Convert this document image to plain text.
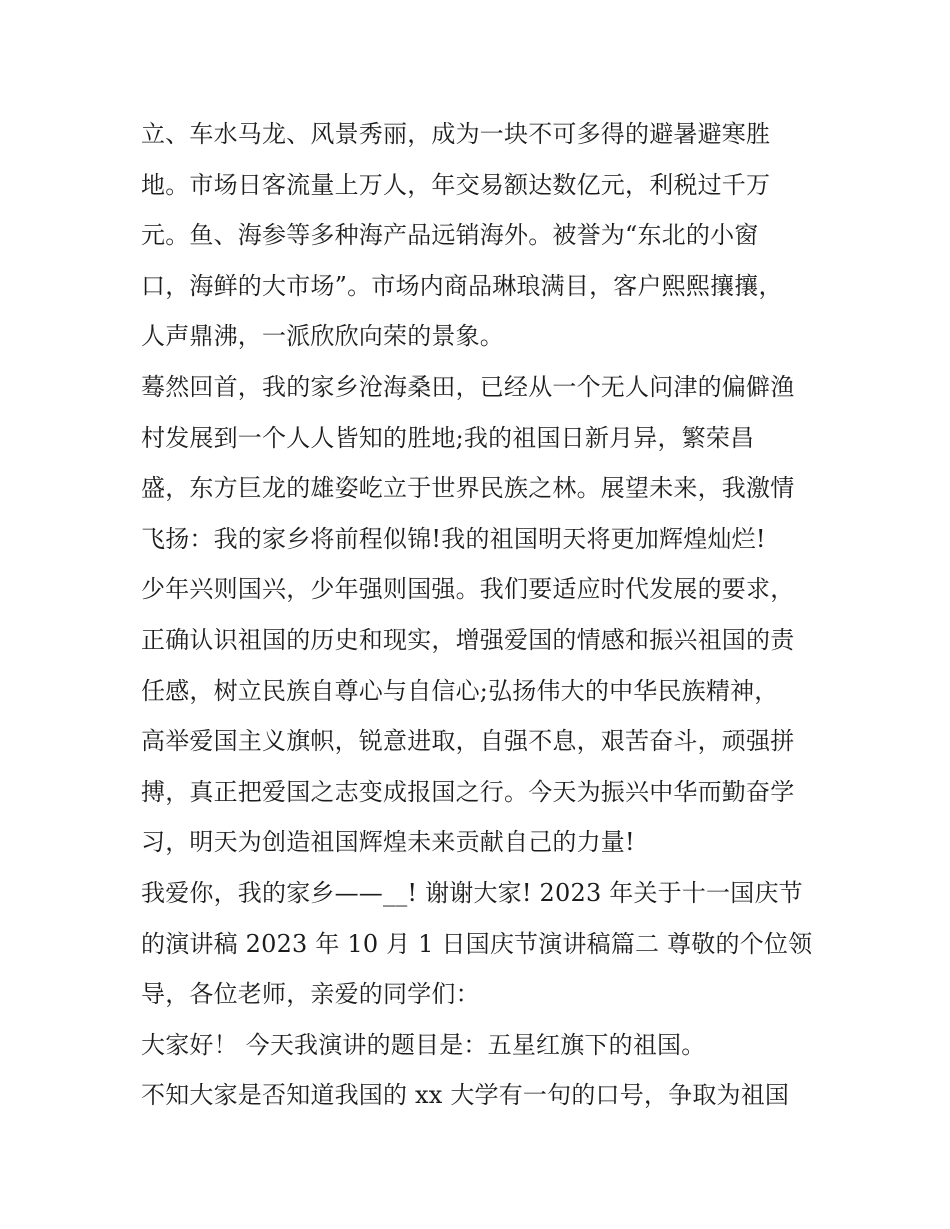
立、车水马龙、风景秀丽，成为一块不可多得的避暑避寒胜
地。市场日客流量上万人，年交易额达数亿元，利税过千万
元。鱼、海参等多种海产品远销海外。被誉为“东北的小窗
口，海鲜的大市场”。市场内商品琳琅满目，客户熙熙攘攘，
人声鼎沸，一派欣欣向荣的景象。
蓦然回首，我的家乡沧海桑田，已经从一个无人问津的偏僻渔
村发展到一个人人皆知的胜地;我的祖国日新月异，繁荣昌
盛，东方巨龙的雄姿屹立于世界民族之林。展望未来，我激情
飞扬：我的家乡将前程似锦!我的祖国明天将更加辉煌灿烂!
少年兴则国兴，少年强则国强。我们要适应时代发展的要求，
正确认识祖国的历史和现实，增强爱国的情感和振兴祖国的责
任感，树立民族自尊心与自信心;弘扬伟大的中华民族精神，
高举爱国主义旗帜，锐意进取，自强不息，艰苦奋斗，顽强拼
搏，真正把爱国之志变成报国之行。今天为振兴中华而勤奋学
习，明天为创造祖国辉煌未来贡献自己的力量!
我爱你，我的家乡——__! 谢谢大家! 2023 年关于十一国庆节
的演讲稿 2023 年 10 月 1 日国庆节演讲稿篇二 尊敬的个位领
导，各位老师，亲爱的同学们：
大家好！ 今天我演讲的题目是：五星红旗下的祖国。
不知大家是否知道我国的 xx 大学有一句的口号，争取为祖国
